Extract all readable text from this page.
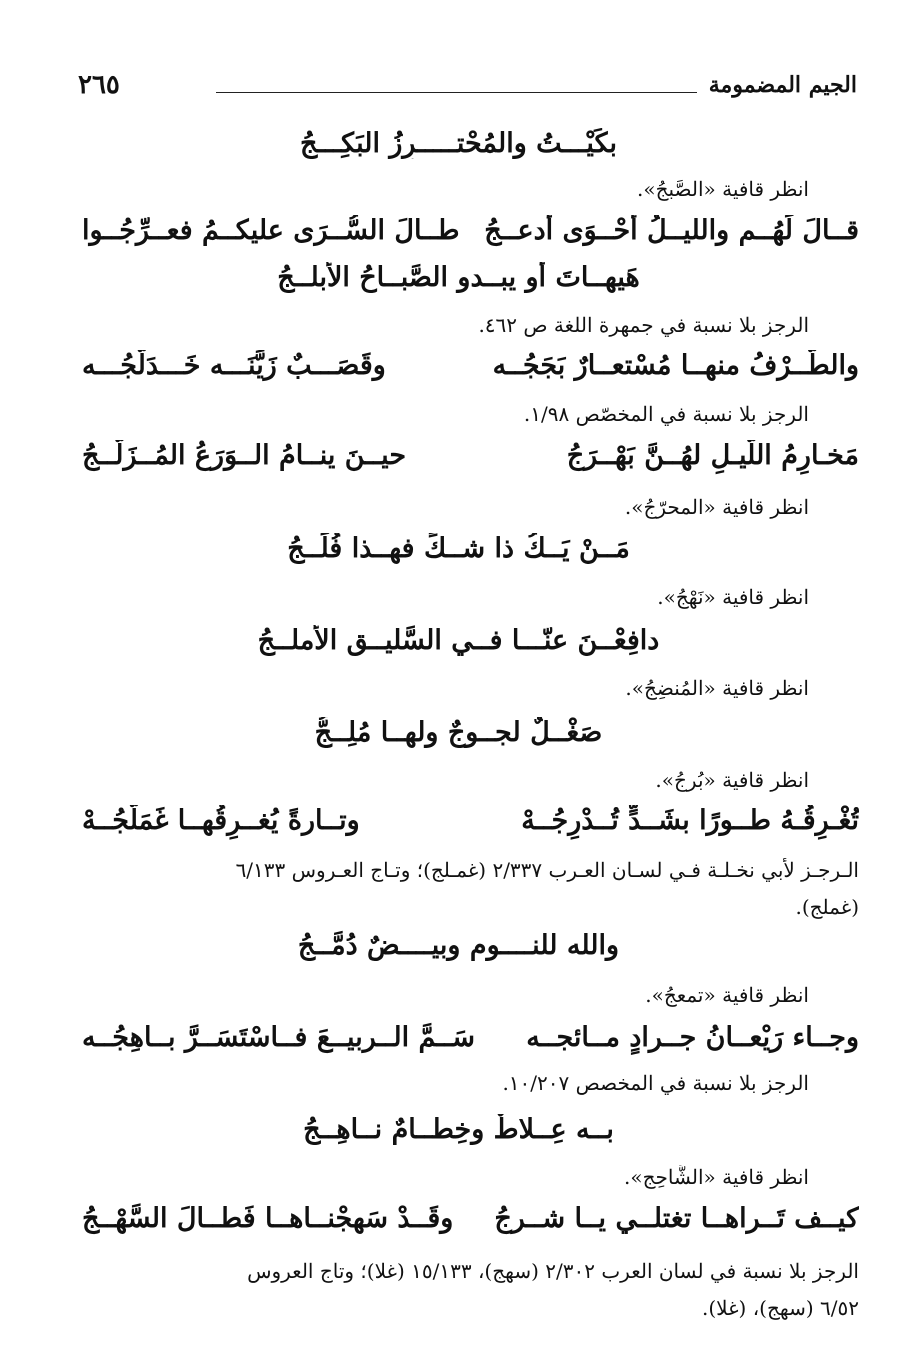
الجيم المضمومة
٢٦٥
بكَيْـــتُ والمُحْتـــــرِزُ البَكِـــجُ
انظر قافية «الصَّبجُ».
قــالَ لَهُــم والليــلُ أَحْــوَى أدعــجُ
طــالَ السُّــرَى عليكــمُ فعــرِّجُــوا
هَيهــاتَ أو يبــدو الصَّبــاحُ الأبلــجُ
الرجز بلا نسبة في جمهرة اللغة ص ٤٦٢.
والطَّــرْفُ منهــا مُسْتعــارٌ بَجَجُــه
وقَصَـــبٌ زَيَّنَـــه خَـــدَلَّجُـــه
الرجز بلا نسبة في المخصّص ١/٩٨.
مَخـارِمُ اللّيـلِ لهُــنَّ بَهْــرَجُ
حيــنَ ينــامُ الــوَرَعُ المُــزَلَّــجُ
انظر قافية «المحرّجُ».
مَــنْ يَــكُ ذا شــكٍّ فهــذا فُلَــجُ
انظر قافية «نَهْجُ».
دافِعْــنَ عنّـــا فــي السَّليــقِ الأملــجُ
انظر قافية «المُنضِجُ».
صَغْــلٌ لجــوجٌ ولهــا مُلِــجُّ
انظر قافية «بُرجُ».
تُغْـرِقُـهُ طــورًا بشَــدٍّ تُــدْرِجُــهْ
وتــارةً يُغــرِقُهــا غَمَلَّجُــهْ
الـرجـز لأبي نخـلـة فـي لسـان العـرب ٢/٣٣٧ (غمـلج)؛ وتـاج العـروس ٦/١٣٣
(غملج).
والله للنــــوم وبيــــضٌ دُمَّــجُ
انظر قافية «تمعجُ».
وجــاء رَيْعــانُ جــرادٍ مــائجــه
سَــمَّ الــربيــعَ فــاسْتَسَــرَّ بــاهِجُــه
الرجز بلا نسبة في المخصص ١٠/٢٠٧.
بــه عِــلاطٌ وخِطــامٌ نــاهِــجُ
انظر قافية «الشَّاحِجِ».
كيــف تَــراهــا تغتلــي يــا شــرجُ
وقَــدْ سَهجْنــاهــا فَطــالَ السَّهْــجُ
الرجز بلا نسبة في لسان العرب ٢/٣٠٢ (سهج)، ١٥/١٣٣ (غلا)؛ وتاج العروس
٦/٥٢ (سهج)، (غلا).
